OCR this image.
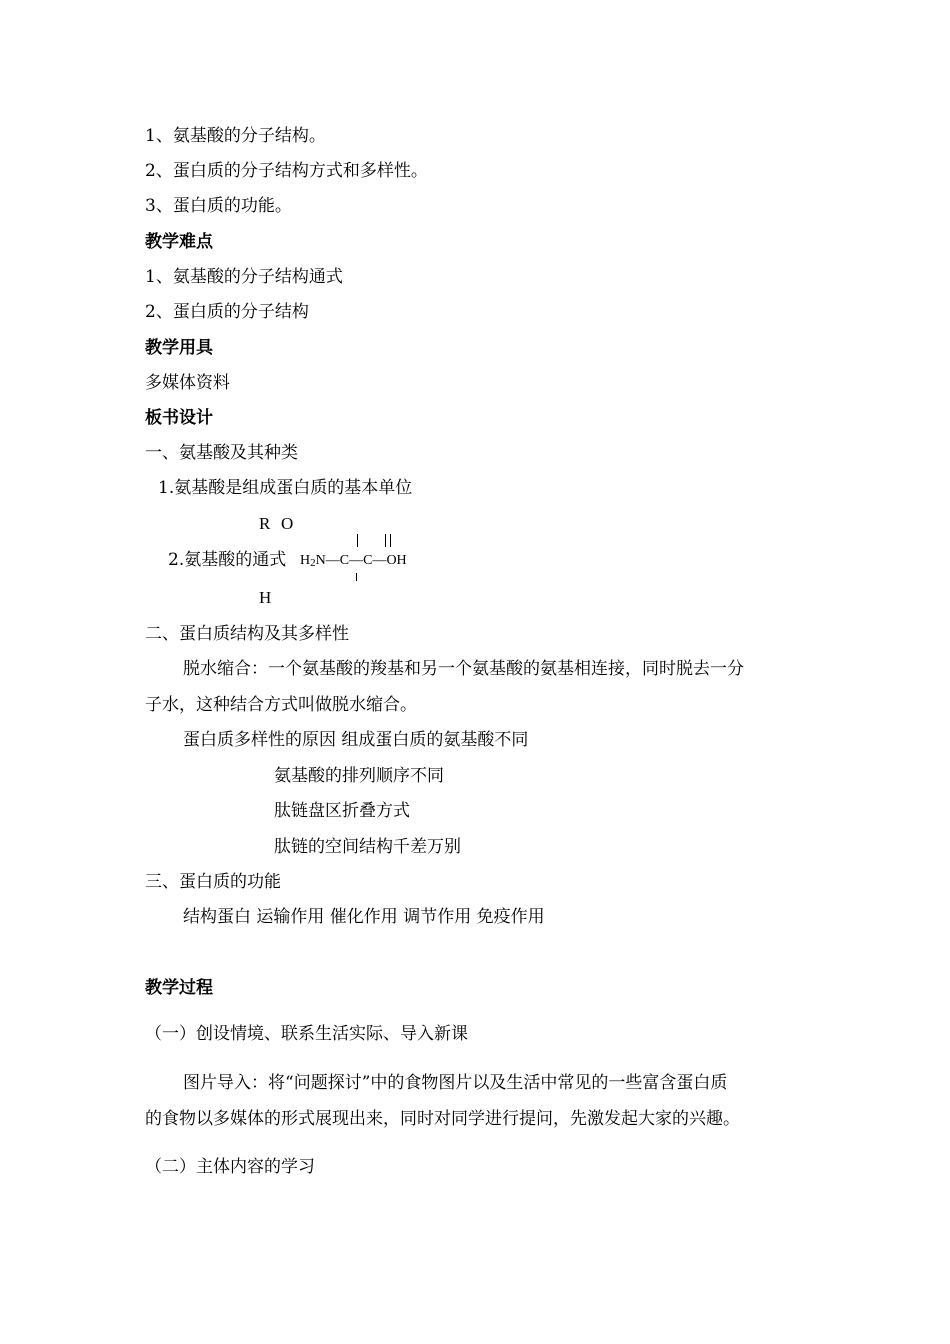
1、氨基酸的分子结构。
2、蛋白质的分子结构方式和多样性。
3、蛋白质的功能。
教学难点
1、氨基酸的分子结构通式
2、蛋白质的分子结构
教学用具
多媒体资料
板书设计
一、氨基酸及其种类
1.氨基酸是组成蛋白质的基本单位
R O
2.氨基酸的通式 H2N—C—C—OH
H
二、蛋白质结构及其多样性
脱水缩合：一个氨基酸的羧基和另一个氨基酸的氨基相连接，同时脱去一分
子水，这种结合方式叫做脱水缩合。
蛋白质多样性的原因 组成蛋白质的氨基酸不同
氨基酸的排列顺序不同
肽链盘区折叠方式
肽链的空间结构千差万别
三、蛋白质的功能
结构蛋白 运输作用 催化作用 调节作用 免疫作用
教学过程
（一）创设情境、联系生活实际、导入新课
图片导入：将“问题探讨”中的食物图片以及生活中常见的一些富含蛋白质
的食物以多媒体的形式展现出来，同时对同学进行提问，先激发起大家的兴趣。
（二）主体内容的学习
